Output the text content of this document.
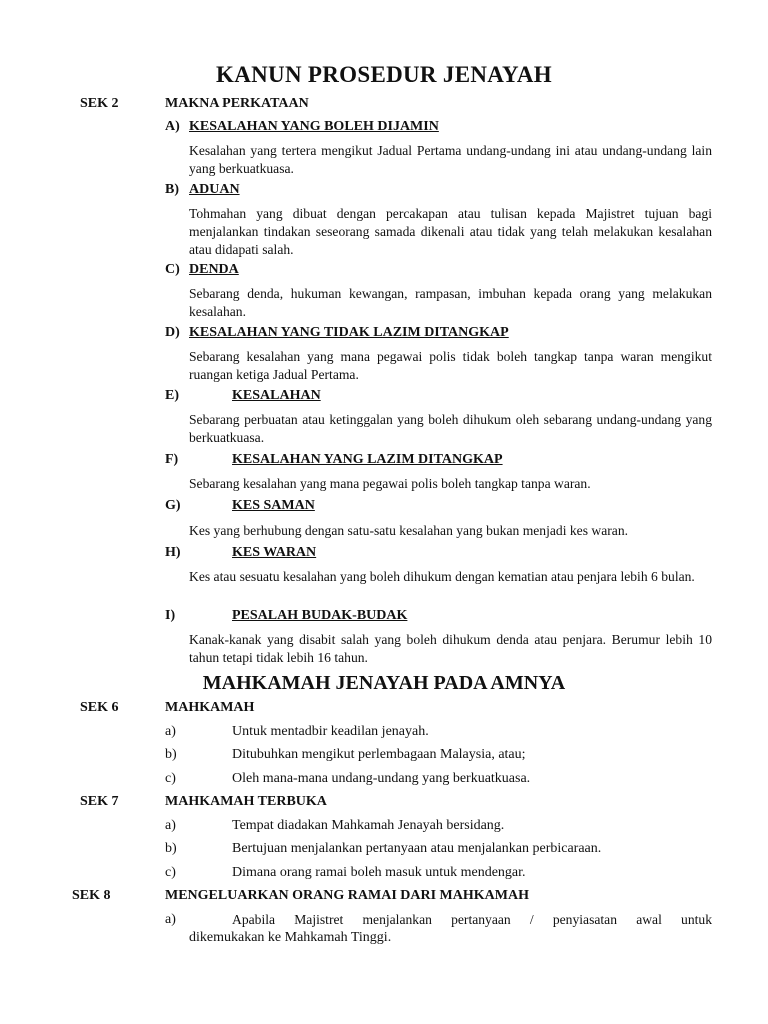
KANUN PROSEDUR JENAYAH
SEK 2	MAKNA PERKATAAN
A) KESALAHAN YANG BOLEH DIJAMIN
Kesalahan yang tertera mengikut Jadual Pertama undang-undang ini atau undang-undang lain yang berkuatkuasa.
B) ADUAN
Tohmahan yang dibuat dengan percakapan atau tulisan kepada Majistret tujuan bagi menjalankan tindakan seseorang samada dikenali atau tidak yang telah melakukan kesalahan atau didapati salah.
C) DENDA
Sebarang denda, hukuman kewangan, rampasan, imbuhan kepada orang yang melakukan kesalahan.
D) KESALAHAN YANG TIDAK LAZIM DITANGKAP
Sebarang kesalahan yang mana pegawai polis tidak boleh tangkap tanpa waran mengikut ruangan ketiga Jadual Pertama.
E)	KESALAHAN
Sebarang perbuatan atau ketinggalan yang boleh dihukum oleh sebarang undang-undang yang berkuatkuasa.
F)	KESALAHAN YANG LAZIM DITANGKAP
Sebarang kesalahan yang mana pegawai polis boleh tangkap tanpa waran.
G)	KES SAMAN
Kes yang berhubung dengan satu-satu kesalahan yang bukan menjadi kes waran.
H)	KES WARAN
Kes atau sesuatu kesalahan yang boleh dihukum dengan kematian atau penjara lebih 6 bulan.
I)	PESALAH BUDAK-BUDAK
Kanak-kanak yang disabit salah yang boleh dihukum denda atau penjara. Berumur lebih 10 tahun tetapi tidak lebih 16 tahun.
MAHKAMAH JENAYAH PADA AMNYA
SEK 6	MAHKAMAH
a)	Untuk mentadbir keadilan jenayah.
b)	Ditubuhkan mengikut perlembagaan Malaysia, atau;
c)	Oleh mana-mana undang-undang yang berkuatkuasa.
SEK 7	MAHKAMAH TERBUKA
a)	Tempat diadakan Mahkamah Jenayah bersidang.
b)	Bertujuan menjalankan pertanyaan atau menjalankan perbicaraan.
c)	Dimana orang ramai boleh masuk untuk mendengar.
SEK 8	MENGELUARKAN ORANG RAMAI DARI MAHKAMAH
a)	Apabila Majistret menjalankan pertanyaan / penyiasatan awal untuk
dikemukakan ke Mahkamah Tinggi.
